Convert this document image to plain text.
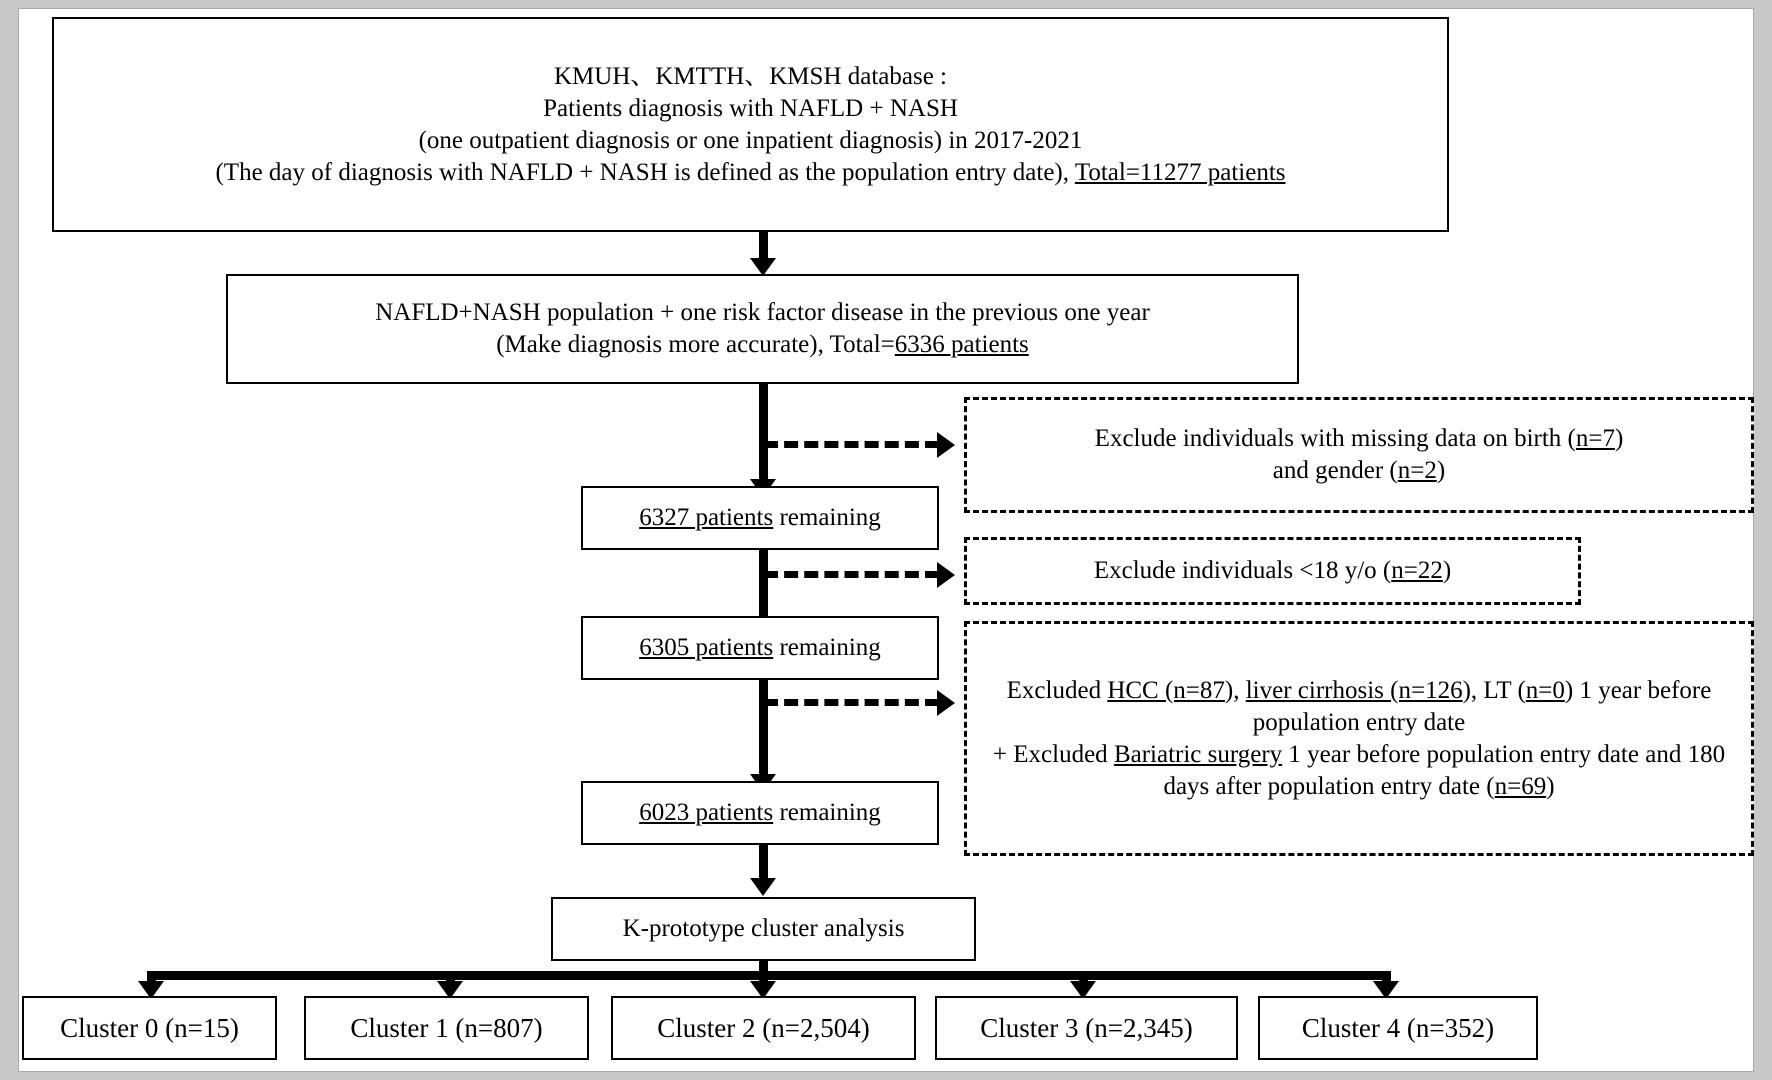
KMUH、KMTTH、KMSH database :
Patients diagnosis with NAFLD + NASH
(one outpatient diagnosis or one inpatient diagnosis) in 2017-2021
(The day of diagnosis with NAFLD + NASH is defined as the population entry date), Total=11277 patients
NAFLD+NASH population + one risk factor disease in the previous one year
(Make diagnosis more accurate), Total=6336 patients
Exclude individuals with missing data on birth (n=7)
and gender (n=2)
6327 patients remaining
Exclude individuals <18 y/o (n=22)
6305 patients remaining
Excluded HCC (n=87), liver cirrhosis (n=126), LT (n=0) 1 year before population entry date
+ Excluded Bariatric surgery 1 year before population entry date and 180 days after population entry date (n=69)
6023 patients remaining
K-prototype cluster analysis
Cluster 0 (n=15)	Cluster 1 (n=807)	Cluster 2 (n=2,504)	Cluster 3 (n=2,345)	Cluster 4 (n=352)
